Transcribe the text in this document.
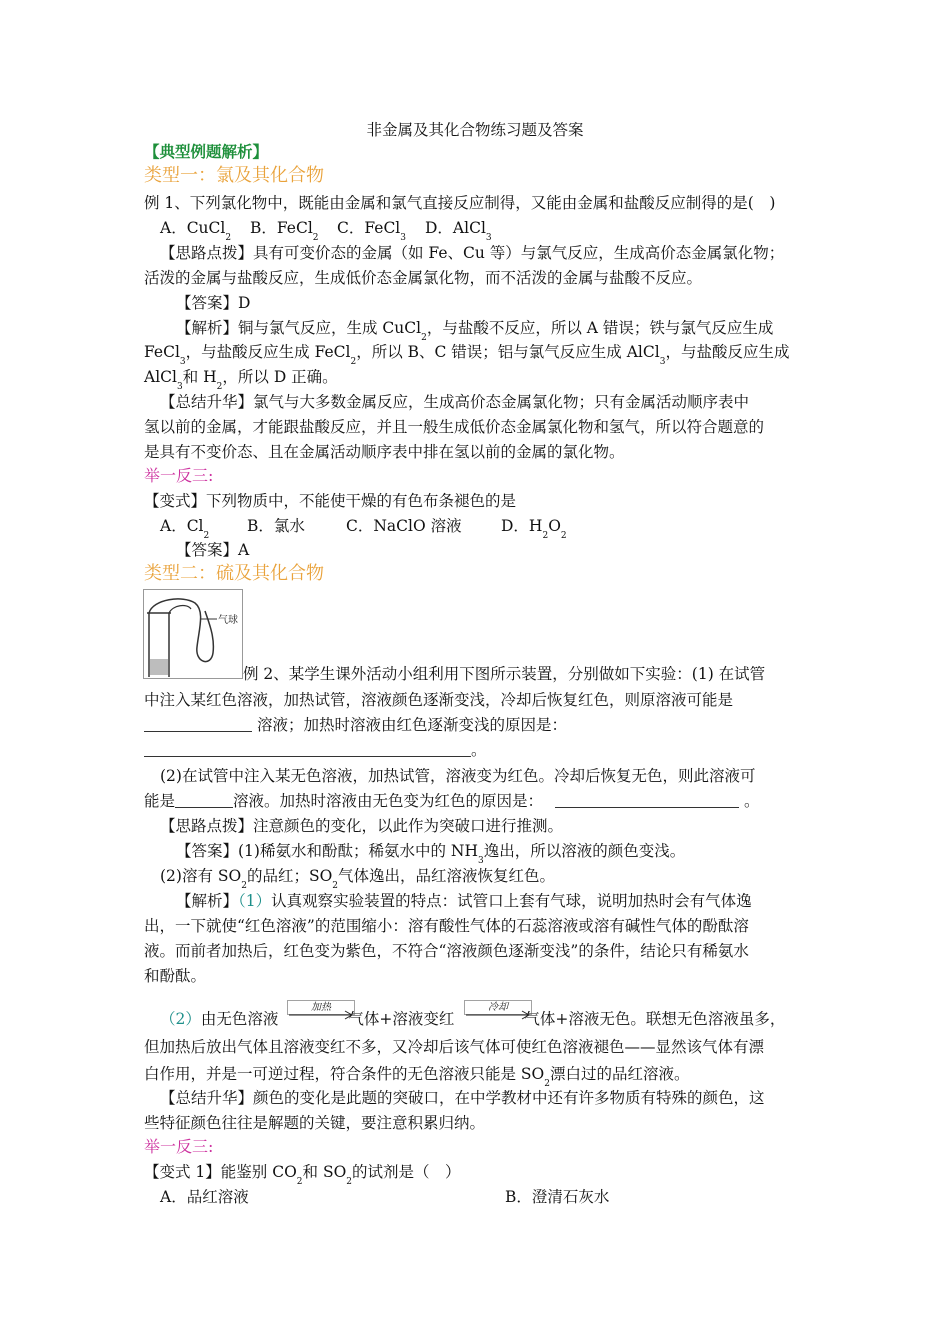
非金属及其化合物练习题及答案
【典型例题解析】
类型一：氯及其化合物
例 1、下列氯化物中，既能由金属和氯气直接反应制得，又能由金属和盐酸反应制得的是(　)
A．CuCl$_2$
B．FeCl$_2$
C．FeCl$_3$
D．AlCl$_3$
【思路点拨】具有可变价态的金属（如 Fe、Cu 等）与氯气反应，生成高价态金属氯化物；
活泼的金属与盐酸反应，生成低价态金属氯化物，而不活泼的金属与盐酸不反应。
【答案】D
【解析】铜与氯气反应，生成 CuCl$_2$，与盐酸不反应，所以 A 错误；铁与氯气反应生成
FeCl$_3$，与盐酸反应生成 FeCl$_2$，所以 B、C 错误；铝与氯气反应生成 AlCl$_3$，与盐酸反应生成
AlCl$_3$和 $H_2$，所以 D 正确。
【总结升华】氯气与大多数金属反应，生成高价态金属氯化物；只有金属活动顺序表中
氢以前的金属，才能跟盐酸反应，并且一般生成低价态金属氯化物和氢气，所以符合题意的
是具有不变价态、且在金属活动顺序表中排在氢以前的金属的氯化物。
举一反三:
【变式】下列物质中，不能使干燥的有色布条褪色的是
A．$Cl_2$
B．氯水	C．NaClO 溶液	D．$H_2O_2$
【答案】A
类型二：硫及其化合物
气球
例 2、某学生课外活动小组利用下图所示装置，分别做如下实验：(1) 在试管
中注入某红色溶液，加热试管，溶液颜色逐渐变浅，冷却后恢复红色，则原溶液可能是
溶液；加热时溶液由红色逐渐变浅的原因是：
。
(2)在试管中注入某无色溶液，加热试管，溶液变为红色。冷却后恢复无色，则此溶液可
能是	溶液。加热时溶液由无色变为红色的原因是：	。
【思路点拨】注意颜色的变化，以此作为突破口进行推测。
【答案】(1)稀氨水和酚酞；稀氨水中的 $NH_3$逸出，所以溶液的颜色变浅。
(2)溶有 $SO_2$的品红；$SO_2$气体逸出，品红溶液恢复红色。
【解析】（1）认真观察实验装置的特点：试管口上套有气球，说明加热时会有气体逸
出，一下就使“红色溶液”的范围缩小：溶有酸性气体的石蕊溶液或溶有碱性气体的酚酞溶
液。而前者加热后，红色变为紫色，不符合“溶液颜色逐渐变浅”的条件，结论只有稀氨水
和酚酞。
（2）由无色溶液	气体+溶液变红	气体+溶液无色。联想无色溶液虽多，
加热	冷却
但加热后放出气体且溶液变红不多，又冷却后该气体可使红色溶液褪色——显然该气体有漂
白作用，并是一可逆过程，符合条件的无色溶液只能是 $SO_2$漂白过的品红溶液。
【总结升华】颜色的变化是此题的突破口，在中学教材中还有许多物质有特殊的颜色，这
些特征颜色往往是解题的关键，要注意积累归纳。
举一反三:
【变式 1】能鉴别 $CO_2$和 $SO_2$的试剂是（　）
A．品红溶液	B．澄清石灰水
